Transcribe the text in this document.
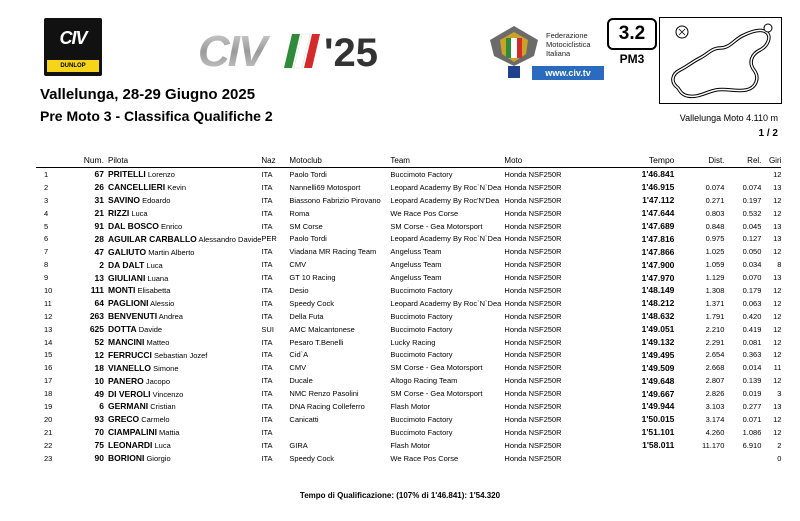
CIV
DUNLOP	CIV '25	Federazione
Motociclistica
Italiana
www.civ.tv
3.2
PM3
Vallelunga, 28-29 Giugno 2025
Pre Moto 3 - Classifica Qualifiche 2	Vallelunga Moto 4.110 m
1 / 2
	Num.	Pilota	Naz	Motoclub	Team	Moto	Tempo	Dist.	Rel.	Giri
1	67	PRITELLI Lorenzo	ITA	Paolo Tordi	Buccimoto Factory	Honda NSF250R	1'46.841			12
2	26	CANCELLIERI Kevin	ITA	Nannelli69 Motosport	Leopard Academy By Roc`N`Dea	Honda NSF250R	1'46.915	0.074	0.074	13
3	31	SAVINO Edoardo	ITA	Biassono Fabrizio Pirovano	Leopard Academy By Roc'N'Dea	Honda NSF250R	1'47.112	0.271	0.197	12
4	21	RIZZI Luca	ITA	Roma	We Race Pos Corse	Honda NSF250R	1'47.644	0.803	0.532	12
5	91	DAL BOSCO Enrico	ITA	SM Corse	SM Corse - Gea Motorsport	Honda NSF250R	1'47.689	0.848	0.045	13
6	28	AGUILAR CARBALLO Alessandro Davide	PER	Paolo Tordi	Leopard Academy By Roc`N`Dea	Honda NSF250R	1'47.816	0.975	0.127	13
7	47	GALIUTO Martin Alberto	ITA	Viadana MR Racing Team	Angeluss Team	Honda NSF250R	1'47.866	1.025	0.050	12
8	2	DA DALT Luca	ITA	CMV	Angeluss Team	Honda NSF250R	1'47.900	1.059	0.034	8
9	13	GIULIANI Luana	ITA	GT 10 Racing	Angeluss Team	Honda NSF250R	1'47.970	1.129	0.070	13
10	111	MONTI Elisabetta	ITA	Desio	Buccimoto Factory	Honda NSF250R	1'48.149	1.308	0.179	12
11	64	PAGLIONI Alessio	ITA	Speedy Cock	Leopard Academy By Roc`N`Dea	Honda NSF250R	1'48.212	1.371	0.063	12
12	263	BENVENUTI Andrea	ITA	Della Futa	Buccimoto Factory	Honda NSF250R	1'48.632	1.791	0.420	12
13	625	DOTTA Davide	SUI	AMC Malcantonese	Buccimoto Factory	Honda NSF250R	1'49.051	2.210	0.419	12
14	52	MANCINI Matteo	ITA	Pesaro T.Benelli	Lucky Racing	Honda NSF250R	1'49.132	2.291	0.081	12
15	12	FERRUCCI Sebastian Jozef	ITA	Cid`A	Buccimoto Factory	Honda NSF250R	1'49.495	2.654	0.363	12
16	18	VIANELLO Simone	ITA	CMV	SM Corse - Gea Motorsport	Honda NSF250R	1'49.509	2.668	0.014	11
17	10	PANERO Jacopo	ITA	Ducale	Altogo Racing Team	Honda NSF250R	1'49.648	2.807	0.139	12
18	49	DI VEROLI Vincenzo	ITA	NMC Renzo Pasolini	SM Corse - Gea Motorsport	Honda NSF250R	1'49.667	2.826	0.019	3
19	6	GERMANI Cristian	ITA	DNA Racing Colleferro	Flash Motor	Honda NSF250R	1'49.944	3.103	0.277	13
20	93	GRECO Carmelo	ITA	Canicatti	Buccimoto Factory	Honda NSF250R	1'50.015	3.174	0.071	12
21	70	CIAMPALINI Mattia	ITA		Buccimoto Factory	Honda NSF250R	1'51.101	4.260	1.086	12
22	75	LEONARDI Luca	ITA	GIRA	Flash Motor	Honda NSF250R	1'58.011	11.170	6.910	2
23	90	BORIONI Giorgio	ITA	Speedy Cock	We Race Pos Corse	Honda NSF250R				0
Tempo di Qualificazione: (107% di 1'46.841): 1'54.320
